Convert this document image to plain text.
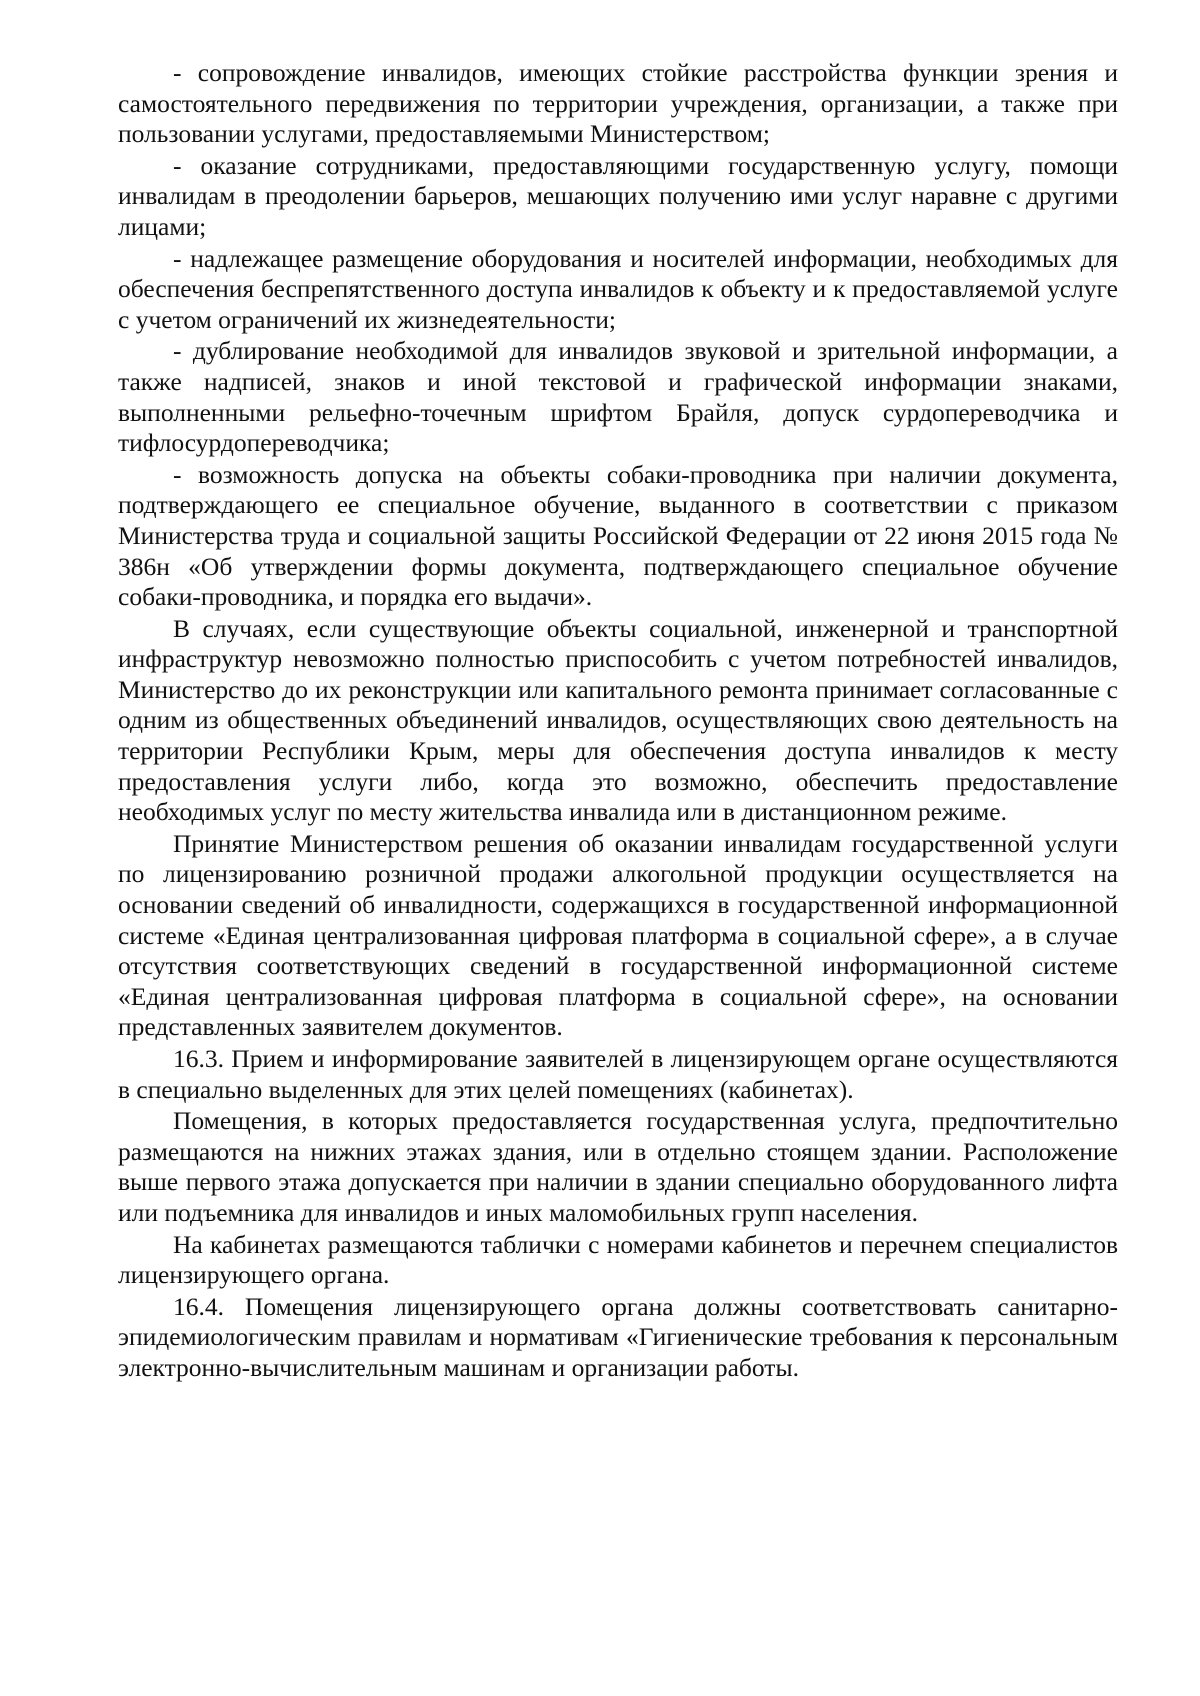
- сопровождение инвалидов, имеющих стойкие расстройства функции зрения и самостоятельного передвижения по территории учреждения, организации, а также при пользовании услугами, предоставляемыми Министерством;

- оказание сотрудниками, предоставляющими государственную услугу, помощи инвалидам в преодолении барьеров, мешающих получению ими услуг наравне с другими лицами;

- надлежащее размещение оборудования и носителей информации, необходимых для обеспечения беспрепятственного доступа инвалидов к объекту и к предоставляемой услуге с учетом ограничений их жизнедеятельности;

- дублирование необходимой для инвалидов звуковой и зрительной информации, а также надписей, знаков и иной текстовой и графической информации знаками, выполненными рельефно-точечным шрифтом Брайля, допуск сурдопереводчика и тифлосурдопереводчика;

- возможность допуска на объекты собаки-проводника при наличии документа, подтверждающего ее специальное обучение, выданного в соответствии с приказом Министерства труда и социальной защиты Российской Федерации от 22 июня 2015 года № 386н «Об утверждении формы документа, подтверждающего специальное обучение собаки-проводника, и порядка его выдачи».

В случаях, если существующие объекты социальной, инженерной и транспортной инфраструктур невозможно полностью приспособить с учетом потребностей инвалидов, Министерство до их реконструкции или капитального ремонта принимает согласованные с одним из общественных объединений инвалидов, осуществляющих свою деятельность на территории Республики Крым, меры для обеспечения доступа инвалидов к месту предоставления услуги либо, когда это возможно, обеспечить предоставление необходимых услуг по месту жительства инвалида или в дистанционном режиме.

Принятие Министерством решения об оказании инвалидам государственной услуги по лицензированию розничной продажи алкогольной продукции осуществляется на основании сведений об инвалидности, содержащихся в государственной информационной системе «Единая централизованная цифровая платформа в социальной сфере», а в случае отсутствия соответствующих сведений в государственной информационной системе «Единая централизованная цифровая платформа в социальной сфере», на основании представленных заявителем документов.

16.3. Прием и информирование заявителей в лицензирующем органе осуществляются в специально выделенных для этих целей помещениях (кабинетах).

Помещения, в которых предоставляется государственная услуга, предпочтительно размещаются на нижних этажах здания, или в отдельно стоящем здании. Расположение выше первого этажа допускается при наличии в здании специально оборудованного лифта или подъемника для инвалидов и иных маломобильных групп населения.

На кабинетах размещаются таблички с номерами кабинетов и перечнем специалистов лицензирующего органа.

16.4. Помещения лицензирующего органа должны соответствовать санитарно-эпидемиологическим правилам и нормативам «Гигиенические требования к персональным электронно-вычислительным машинам и организации работы.
